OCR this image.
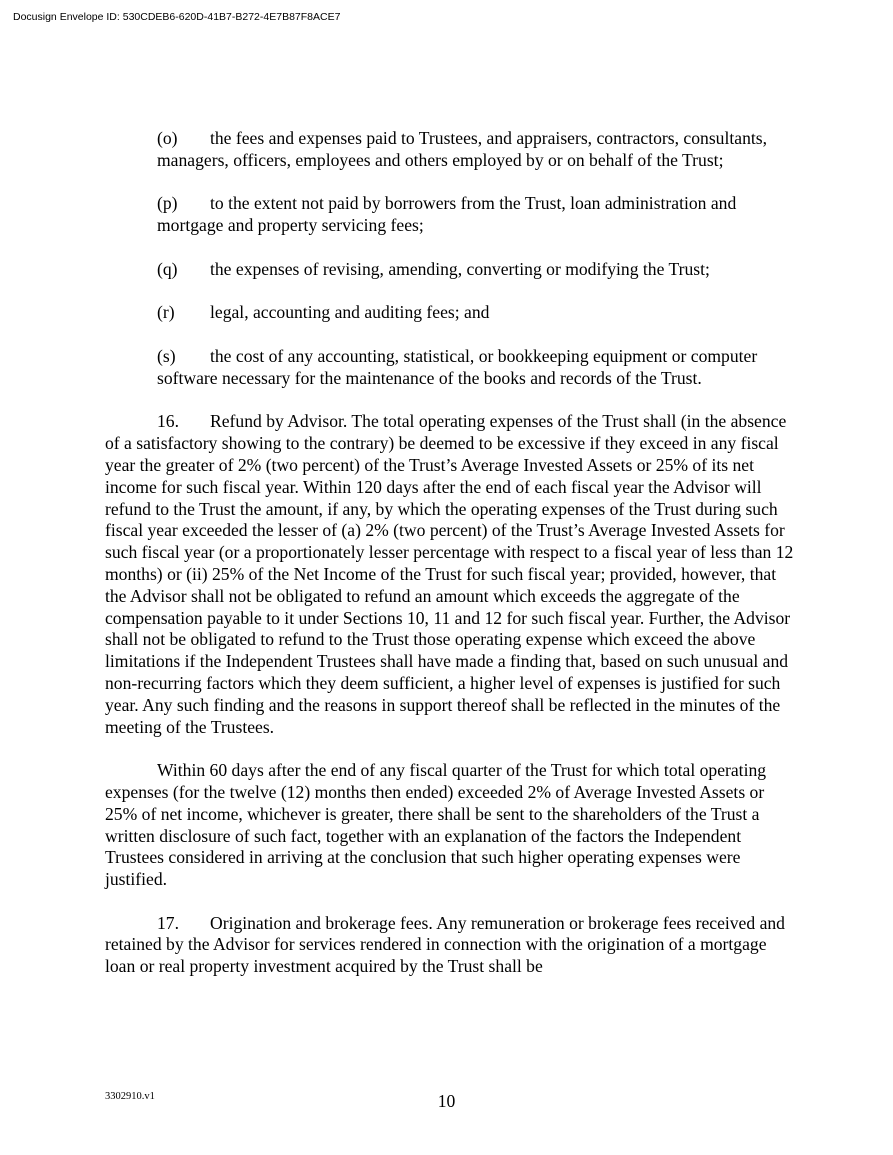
Docusign Envelope ID: 530CDEB6-620D-41B7-B272-4E7B87F8ACE7
(o) the fees and expenses paid to Trustees, and appraisers, contractors, consultants, managers, officers, employees and others employed by or on behalf of the Trust;
(p) to the extent not paid by borrowers from the Trust, loan administration and mortgage and property servicing fees;
(q) the expenses of revising, amending, converting or modifying the Trust;
(r) legal, accounting and auditing fees; and
(s) the cost of any accounting, statistical, or bookkeeping equipment or computer software necessary for the maintenance of the books and records of the Trust.

16. Refund by Advisor. The total operating expenses of the Trust shall (in the absence of a satisfactory showing to the contrary) be deemed to be excessive if they exceed in any fiscal year the greater of 2% (two percent) of the Trust’s Average Invested Assets or 25% of its net income for such fiscal year. Within 120 days after the end of each fiscal year the Advisor will refund to the Trust the amount, if any, by which the operating expenses of the Trust during such fiscal year exceeded the lesser of (a) 2% (two percent) of the Trust’s Average Invested Assets for such fiscal year (or a proportionately lesser percentage with respect to a fiscal year of less than 12 months) or (ii) 25% of the Net Income of the Trust for such fiscal year; provided, however, that the Advisor shall not be obligated to refund an amount which exceeds the aggregate of the compensation payable to it under Sections 10, 11 and 12 for such fiscal year. Further, the Advisor shall not be obligated to refund to the Trust those operating expense which exceed the above limitations if the Independent Trustees shall have made a finding that, based on such unusual and non-recurring factors which they deem sufficient, a higher level of expenses is justified for such year. Any such finding and the reasons in support thereof shall be reflected in the minutes of the meeting of the Trustees.

Within 60 days after the end of any fiscal quarter of the Trust for which total operating expenses (for the twelve (12) months then ended) exceeded 2% of Average Invested Assets or 25% of net income, whichever is greater, there shall be sent to the shareholders of the Trust a written disclosure of such fact, together with an explanation of the factors the Independent Trustees considered in arriving at the conclusion that such higher operating expenses were justified.

17. Origination and brokerage fees. Any remuneration or brokerage fees received and retained by the Advisor for services rendered in connection with the origination of a mortgage loan or real property investment acquired by the Trust shall be

3302910.v1	10
